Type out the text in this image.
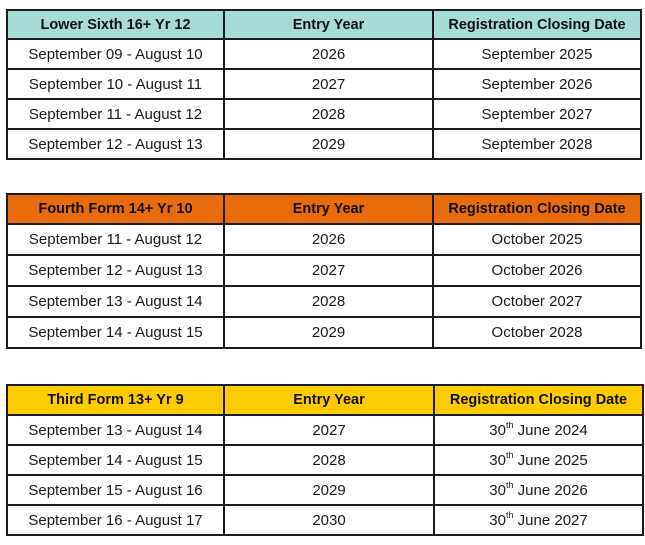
Lower Sixth 16+ Yr 12	Entry Year	Registration Closing Date
September 09 - August 10	2026	September 2025
September 10 - August 11	2027	September 2026
September 11 - August 12	2028	September 2027
September 12 - August 13	2029	September 2028
Fourth Form 14+ Yr 10	Entry Year	Registration Closing Date
September 11 - August 12	2026	October 2025
September 12 - August 13	2027	October 2026
September 13 - August 14	2028	October 2027
September 14 - August 15	2029	October 2028
Third Form 13+ Yr 9	Entry Year	Registration Closing Date
September 13 - August 14	2027	30th June 2024
September 14 - August 15	2028	30th June 2025
September 15 - August 16	2029	30th June 2026
September 16 - August 17	2030	30th June 2027
